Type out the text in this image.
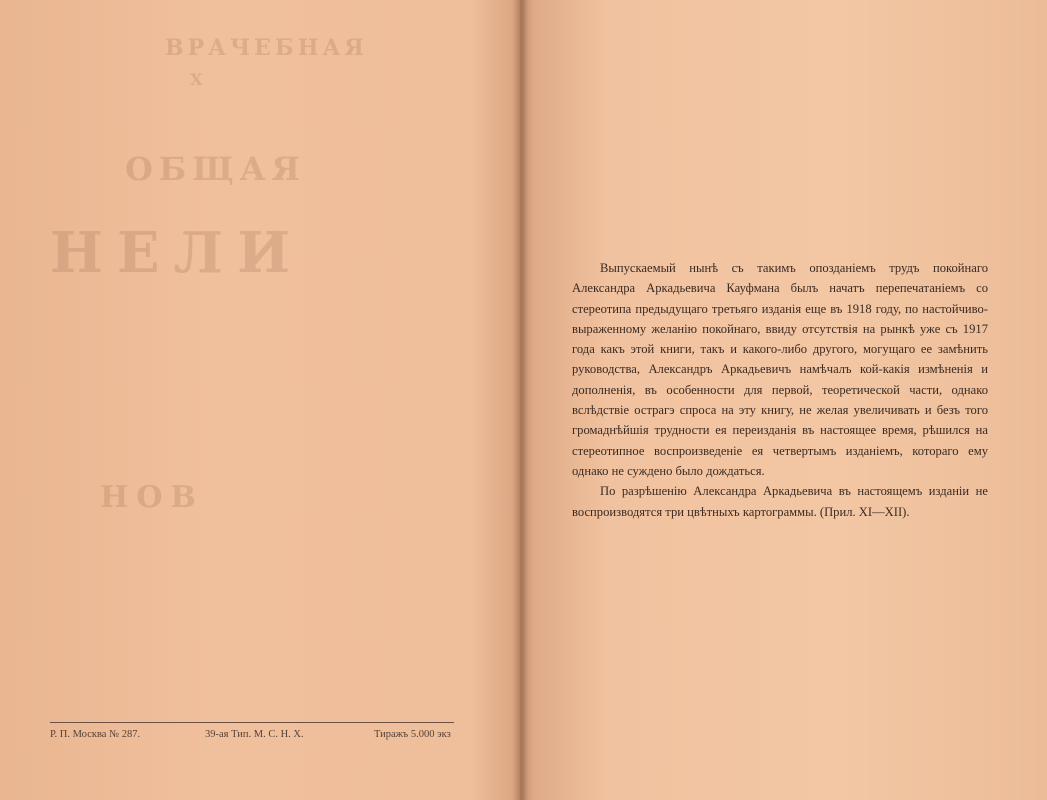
ВРАЧЕБНАЯ
Х
ОБЩАЯ
НЕЛИ
НОВ

Выпускаемый нынѣ съ такимъ опозданіемъ трудъ покойнаго Александра Аркадьевича Кауфмана былъ начатъ перепечатаніемъ со стереотипа предыдущаго третьяго изданія еще въ 1918 году, по настойчиво-выраженному желанію покойнаго, ввиду отсутствія на рынкѣ уже съ 1917 года какъ этой книги, такъ и какого-либо другого, могущаго ее замѣнить руководства, Александръ Аркадьевичъ намѣчалъ кой-какія измѣненія и дополненія, въ особенности для первой, теоретической части, однако вслѣдствіе острагэ спроса на эту книгу, не желая увеличивать и безъ того громаднѣйшія трудности ея переизданія въ настоящее время, рѣшился на стереотипное воспроизведеніе ея четвертымъ изданіемъ, котораго ему однако не суждено было дождаться.

По разрѣшенію Александра Аркадьевича въ настоящемъ изданіи не воспроизводятся три цвѣтныхъ картограммы. (Прил. XI—XII).

Р. П. Москва № 287.	39-ая Тип. М. С. Н. Х.	Тиражъ 5.000 экз
